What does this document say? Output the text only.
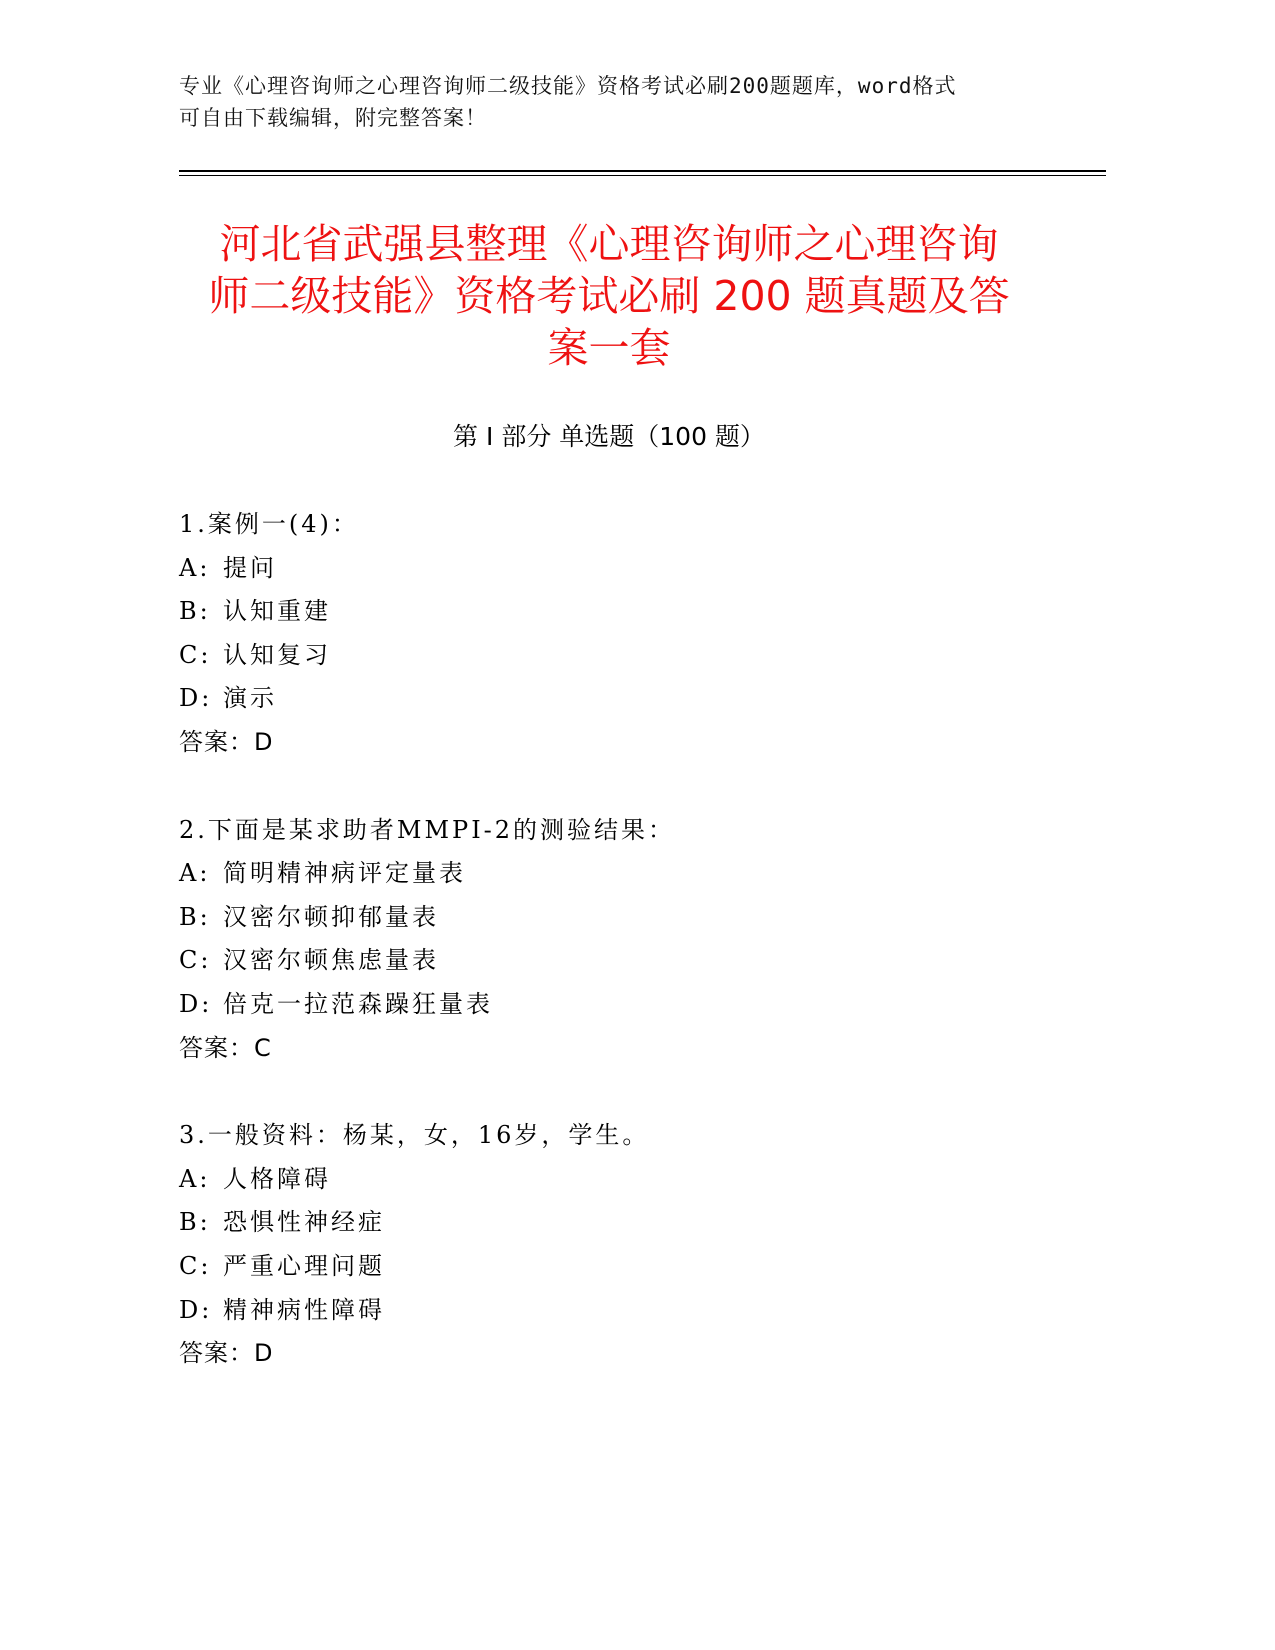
专业《心理咨询师之心理咨询师二级技能》资格考试必刷200题题库，word格式
可自由下载编辑，附完整答案！
河北省武强县整理《心理咨询师之心理咨询
师二级技能》资格考试必刷 200 题真题及答
案一套
第 I 部分 单选题（100 题）
1.案例一(4)：
A: 提问
B: 认知重建
C: 认知复习
D: 演示
答案：D
2.下面是某求助者MMPI-2的测验结果：
A: 简明精神病评定量表
B: 汉密尔顿抑郁量表
C: 汉密尔顿焦虑量表
D: 倍克一拉范森躁狂量表
答案：C
3.一般资料：杨某，女，16岁，学生。
A: 人格障碍
B: 恐惧性神经症
C: 严重心理问题
D: 精神病性障碍
答案：D
